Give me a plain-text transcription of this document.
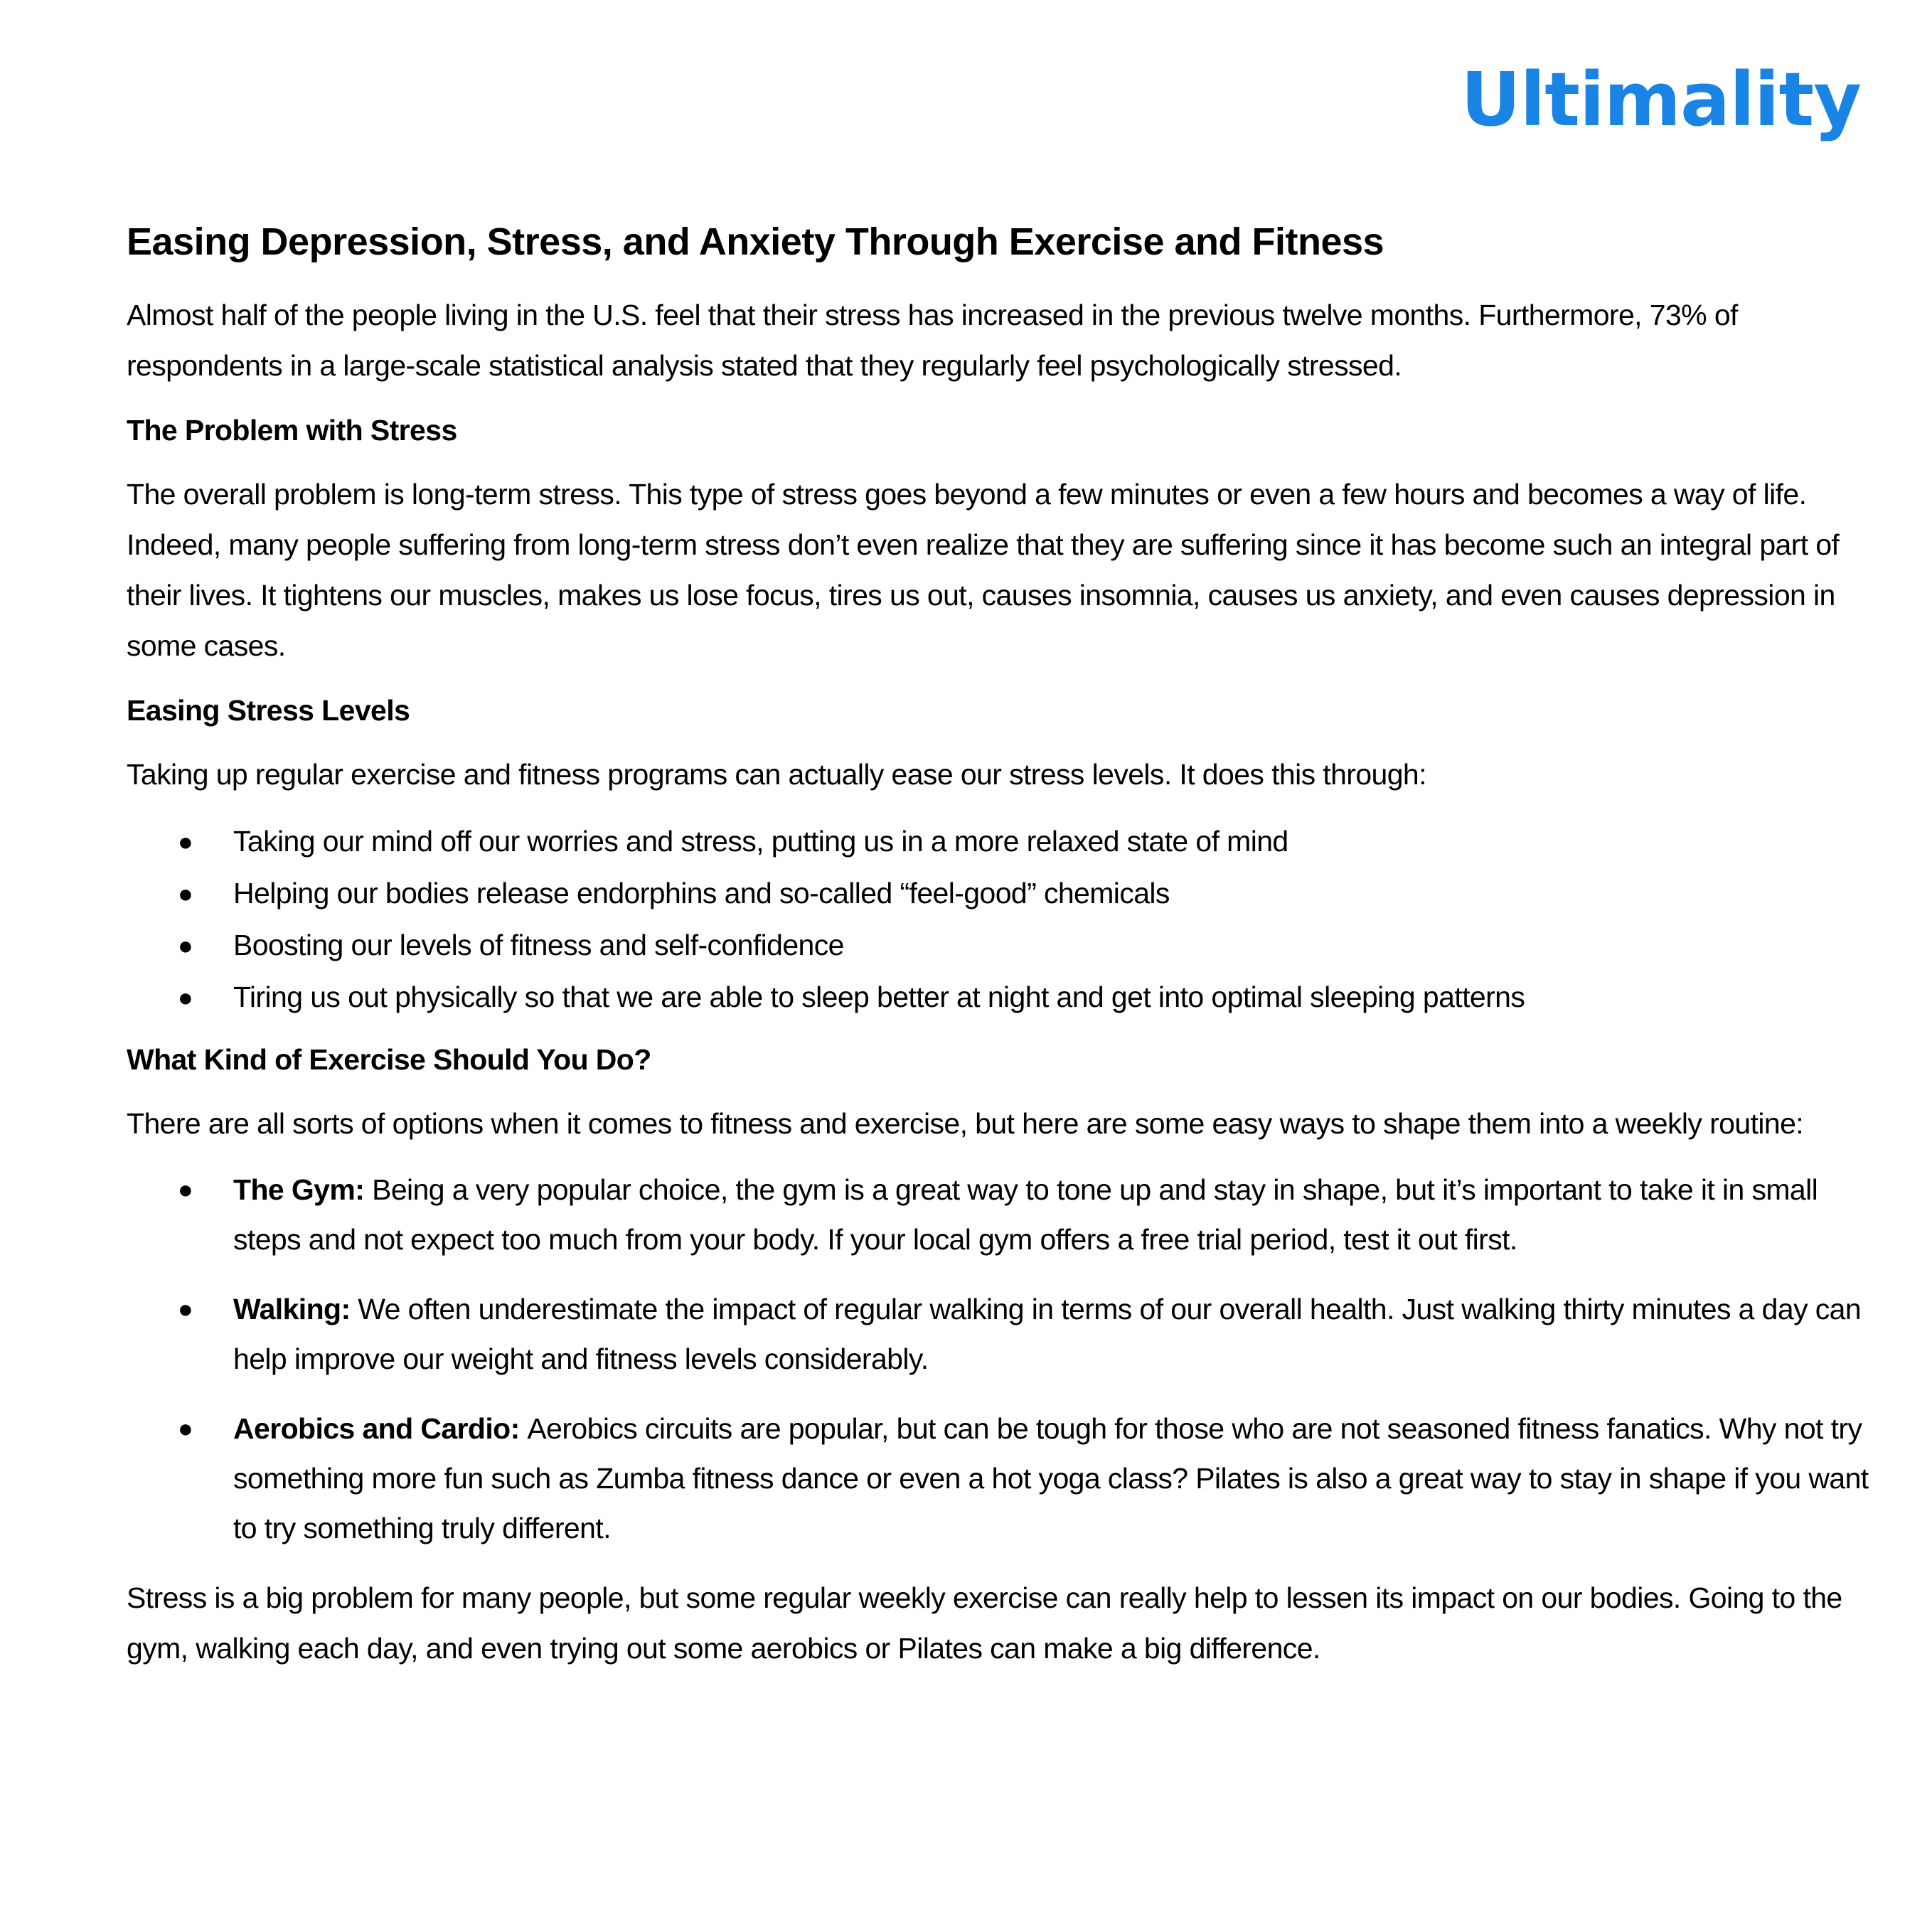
Ultimality
Easing Depression, Stress, and Anxiety Through Exercise and Fitness

Almost half of the people living in the U.S. feel that their stress has increased in the previous twelve months. Furthermore, 73% of respondents in a large-scale statistical analysis stated that they regularly feel psychologically stressed.

The Problem with Stress

The overall problem is long-term stress. This type of stress goes beyond a few minutes or even a few hours and becomes a way of life. Indeed, many people suffering from long-term stress don’t even realize that they are suffering since it has become such an integral part of their lives. It tightens our muscles, makes us lose focus, tires us out, causes insomnia, causes us anxiety, and even causes depression in some cases.

Easing Stress Levels

Taking up regular exercise and fitness programs can actually ease our stress levels. It does this through:

● Taking our mind off our worries and stress, putting us in a more relaxed state of mind
● Helping our bodies release endorphins and so-called “feel-good” chemicals
● Boosting our levels of fitness and self-confidence
● Tiring us out physically so that we are able to sleep better at night and get into optimal sleeping patterns
What Kind of Exercise Should You Do?

There are all sorts of options when it comes to fitness and exercise, but here are some easy ways to shape them into a weekly routine:

● The Gym: Being a very popular choice, the gym is a great way to tone up and stay in shape, but it’s important to take it in small steps and not expect too much from your body. If your local gym offers a free trial period, test it out first.
● Walking: We often underestimate the impact of regular walking in terms of our overall health. Just walking thirty minutes a day can help improve our weight and fitness levels considerably.
● Aerobics and Cardio: Aerobics circuits are popular, but can be tough for those who are not seasoned fitness fanatics. Why not try something more fun such as Zumba fitness dance or even a hot yoga class? Pilates is also a great way to stay in shape if you want to try something truly different.

Stress is a big problem for many people, but some regular weekly exercise can really help to lessen its impact on our bodies. Going to the gym, walking each day, and even trying out some aerobics or Pilates can make a big difference.
